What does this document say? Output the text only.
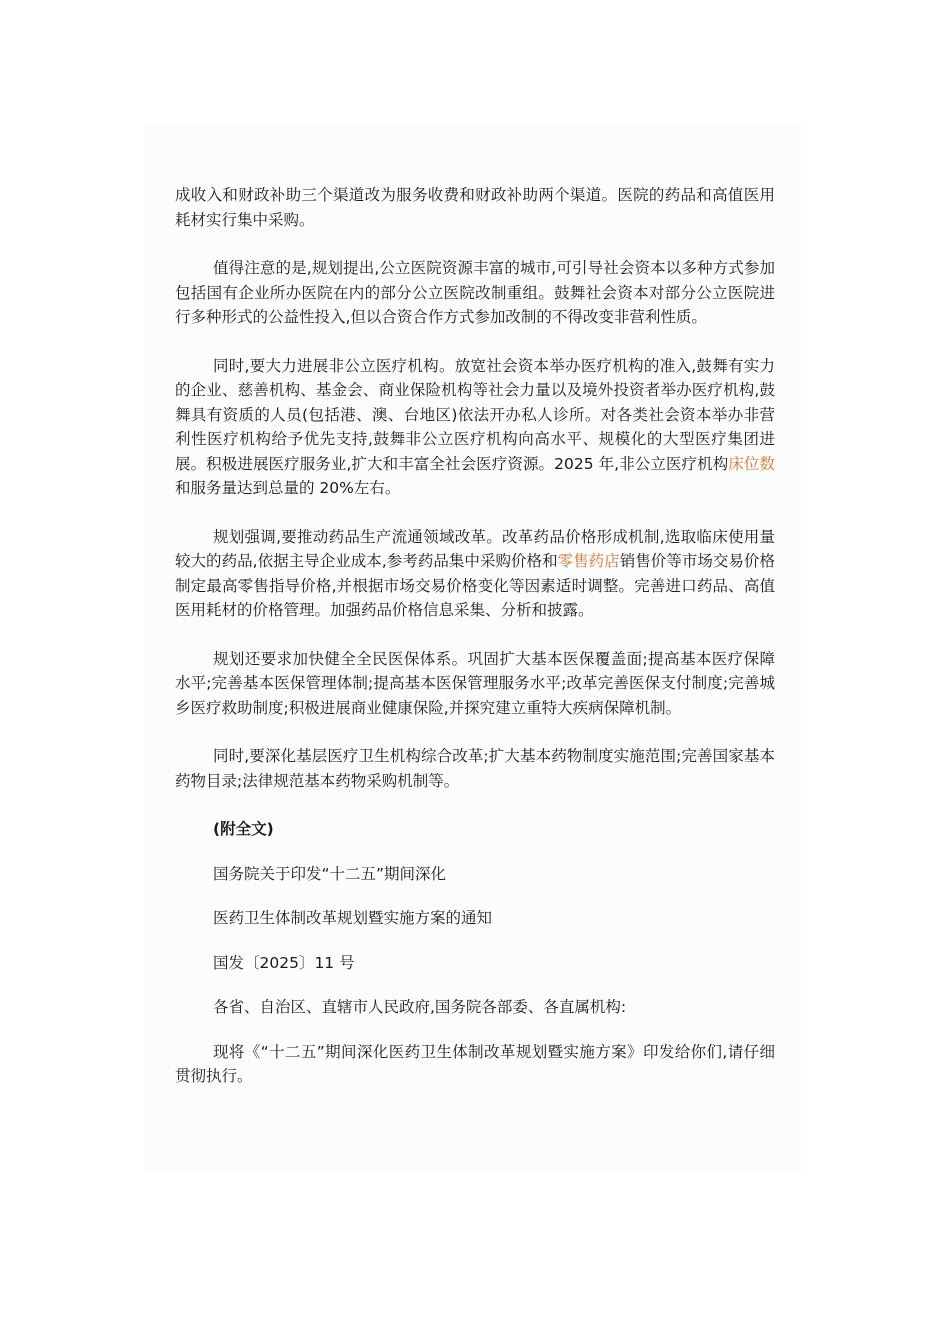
成收入和财政补助三个渠道改为服务收费和财政补助两个渠道。医院的药品和高值医用耗材实行集中采购。

值得注意的是,规划提出,公立医院资源丰富的城市,可引导社会资本以多种方式参加包括国有企业所办医院在内的部分公立医院改制重组。鼓舞社会资本对部分公立医院进行多种形式的公益性投入,但以合资合作方式参加改制的不得改变非营利性质。

同时,要大力进展非公立医疗机构。放宽社会资本举办医疗机构的准入,鼓舞有实力的企业、慈善机构、基金会、商业保险机构等社会力量以及境外投资者举办医疗机构,鼓舞具有资质的人员(包括港、澳、台地区)依法开办私人诊所。对各类社会资本举办非营利性医疗机构给予优先支持,鼓舞非公立医疗机构向高水平、规模化的大型医疗集团进展。积极进展医疗服务业,扩大和丰富全社会医疗资源。2025 年,非公立医疗机构床位数和服务量达到总量的 20%左右。

规划强调,要推动药品生产流通领域改革。改革药品价格形成机制,选取临床使用量较大的药品,依据主导企业成本,参考药品集中采购价格和零售药店销售价等市场交易价格制定最高零售指导价格,并根据市场交易价格变化等因素适时调整。完善进口药品、高值医用耗材的价格管理。加强药品价格信息采集、分析和披露。

规划还要求加快健全全民医保体系。巩固扩大基本医保覆盖面;提高基本医疗保障水平;完善基本医保管理体制;提高基本医保管理服务水平;改革完善医保支付制度;完善城乡医疗救助制度;积极进展商业健康保险,并探究建立重特大疾病保障机制。

同时,要深化基层医疗卫生机构综合改革;扩大基本药物制度实施范围;完善国家基本药物目录;法律规范基本药物采购机制等。

(附全文)

国务院关于印发“十二五”期间深化

医药卫生体制改革规划暨实施方案的通知

国发〔2025〕11 号

各省、自治区、直辖市人民政府,国务院各部委、各直属机构:

现将《“十二五”期间深化医药卫生体制改革规划暨实施方案》印发给你们,请仔细贯彻执行。
